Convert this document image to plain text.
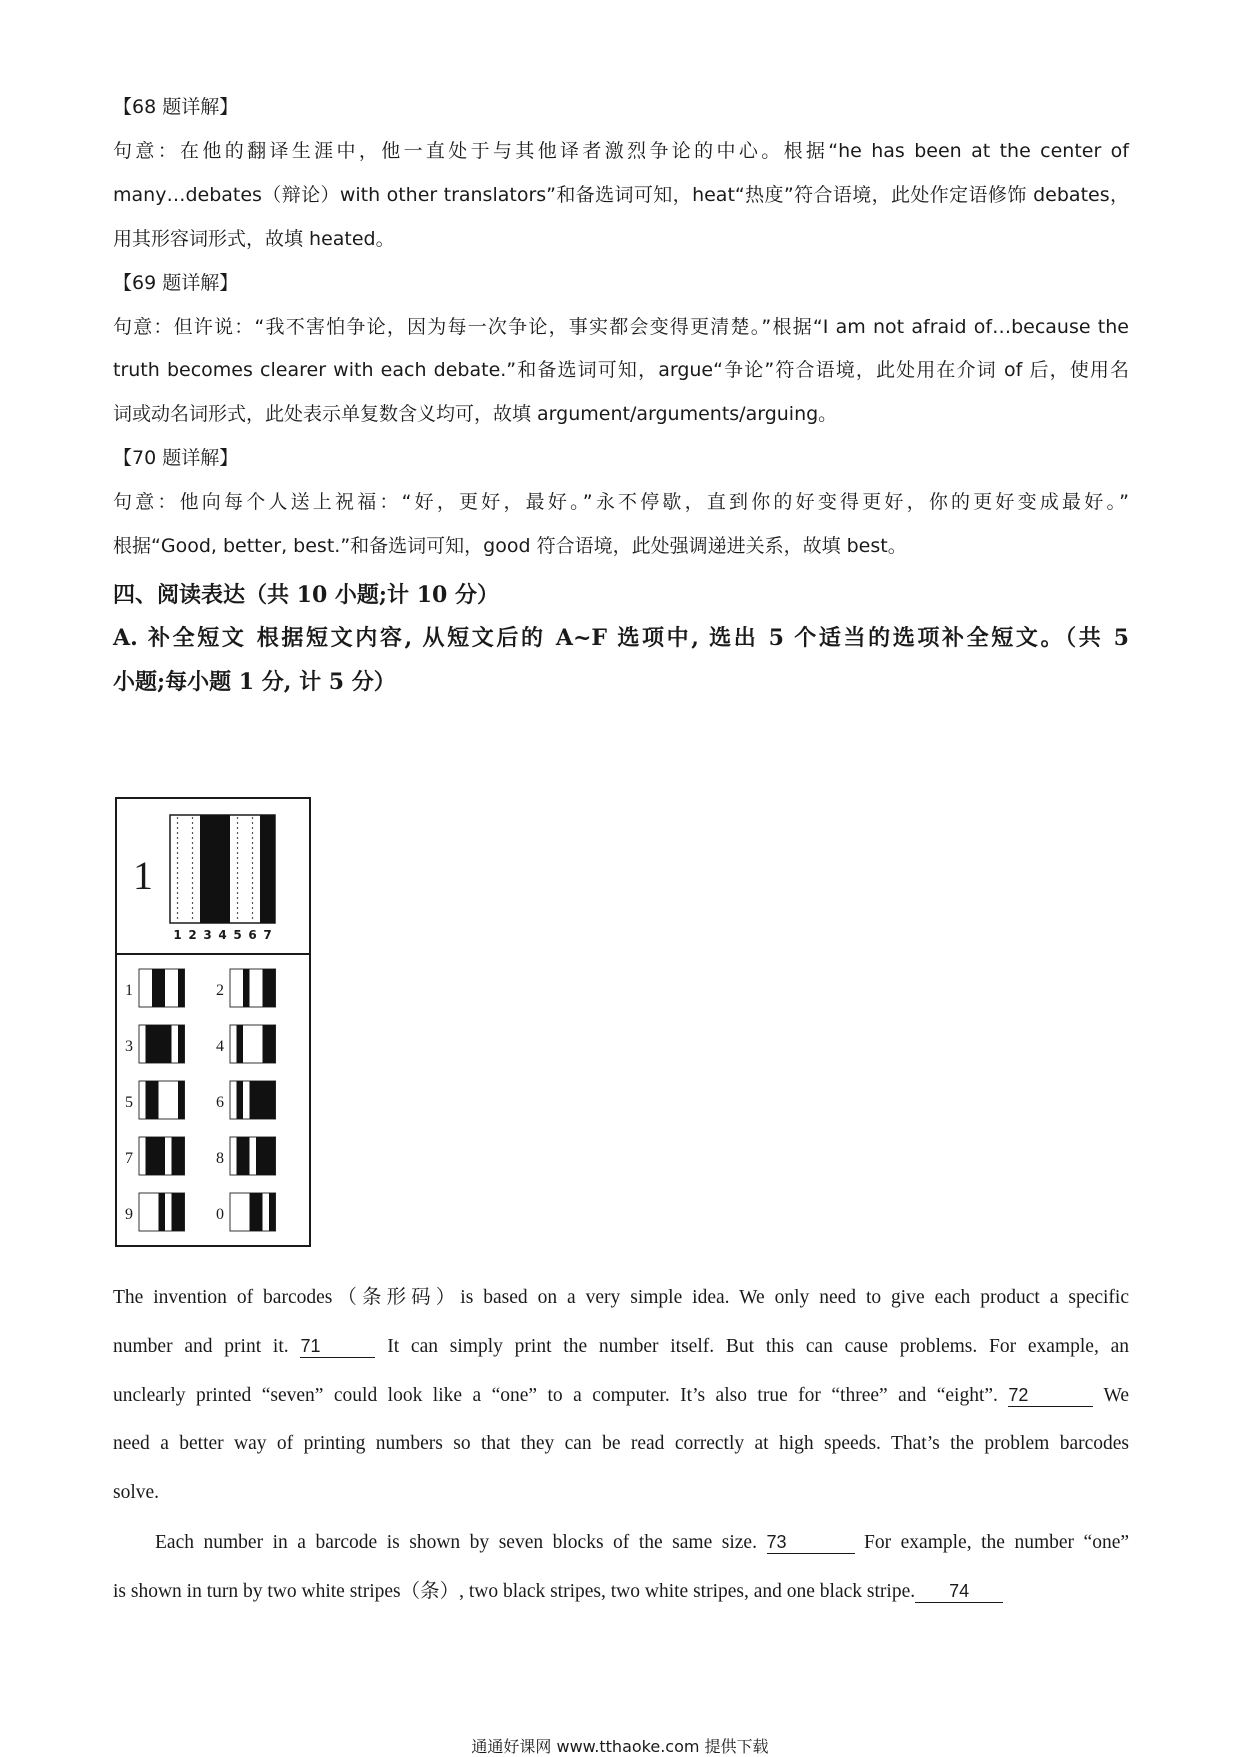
【68 题详解】
句意：在他的翻译生涯中，他一直处于与其他译者激烈争论的中心。根据“he has been at the center of
many…debates（辩论）with other translators”和备选词可知，heat“热度”符合语境，此处作定语修饰 debates，
用其形容词形式，故填 heated。
【69 题详解】
句意：但许说：“我不害怕争论，因为每一次争论，事实都会变得更清楚。”根据“I am not afraid of…because the
truth becomes clearer with each debate.”和备选词可知，argue“争论”符合语境，此处用在介词 of 后，使用名
词或动名词形式，此处表示单复数含义均可，故填 argument/arguments/arguing。
【70 题详解】
句意：他向每个人送上祝福：“好，更好，最好。”永不停歇，直到你的好变得更好，你的更好变成最好。”
根据“Good, better, best.”和备选词可知，good 符合语境，此处强调递进关系，故填 best。
四、阅读表达（共 10 小题;计 10 分）
A. 补全短文 根据短文内容, 从短文后的 A~F 选项中, 选出 5 个适当的选项补全短文。（共 5
小题;每小题 1 分, 计 5 分）
1
1 2 3 4 5 6 7
1	2
3	4
5	6
7	8
9	0
The invention of barcodes（条形码）is based on a very simple idea. We only need to give each product a specific
number and print it. 71	It can simply print the number itself. But this can cause problems. For example, an
unclearly printed “seven” could look like a “one” to a computer. It’s also true for “three” and “eight”. 72	We
need a better way of printing numbers so that they can be read correctly at high speeds. That’s the problem barcodes
solve.
Each number in a barcode is shown by seven blocks of the same size. 73	For example, the number “one”
is shown in turn by two white stripes（条）, two black stripes, two white stripes, and one black stripe. 74
通通好课网 www.tthaoke.com 提供下载
